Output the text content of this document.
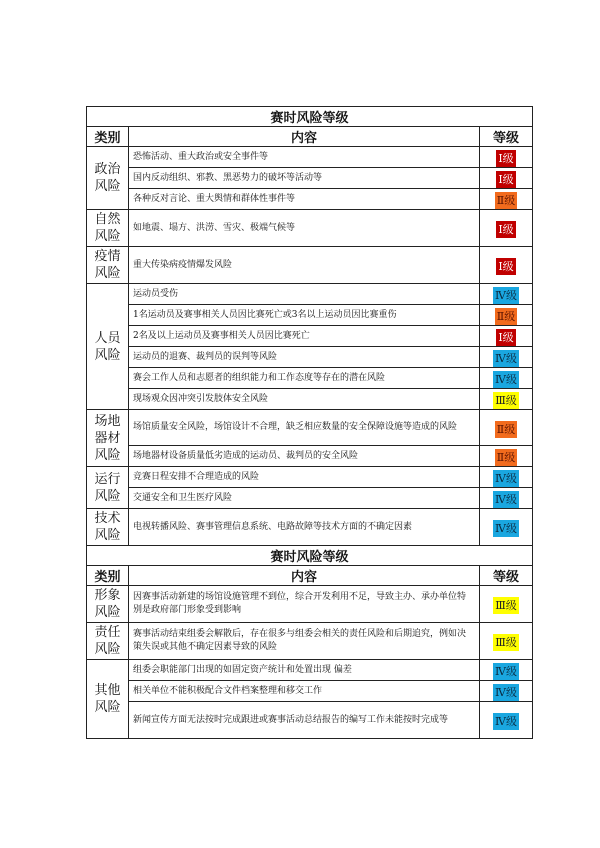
赛时风险等级		
类别	内容	等级
政治风险	恐怖活动、重大政治或安全事件等	Ⅰ级
	国内反动组织、邪教、黑恶势力的破坏等活动等	Ⅰ级
	各种反对言论、重大舆情和群体性事件等	Ⅱ级
自然风险	如地震、塌方、洪涝、雪灾、极端气候等	Ⅰ级
疫情风险	重大传染病疫情爆发风险	Ⅰ级
人员风险	运动员受伤	Ⅳ级
	1名运动员及赛事相关人员因比赛死亡或3名以上运动员因比赛重伤	Ⅱ级
	2名及以上运动员及赛事相关人员因比赛死亡	Ⅰ级
	运动员的退赛、裁判员的误判等风险	Ⅳ级
	赛会工作人员和志愿者的组织能力和工作态度等存在的潜在风险	Ⅳ级
	现场观众因冲突引发肢体安全风险	Ⅲ级
场地器材风险	场馆质量安全风险，场馆设计不合理，缺乏相应数量的安全保障设施等造成的风险	Ⅱ级
	场地器材设备质量低劣造成的运动员、裁判员的安全风险	Ⅱ级
运行风险	竞赛日程安排不合理造成的风险	Ⅳ级
	交通安全和卫生医疗风险	Ⅳ级
技术风险	电视转播风险、赛事管理信息系统、电路故障等技术方面的不确定因素	Ⅳ级
赛时风险等级		
类别	内容	等级
形象风险	因赛事活动新建的场馆设施管理不到位，综合开发利用不足，导致主办、承办单位特别是政府部门形象受到影响	Ⅲ级
责任风险	赛事活动结束组委会解散后，存在很多与组委会相关的责任风险和后期追究，例如决策失误或其他不确定因素导致的风险	Ⅲ级
其他风险	组委会职能部门出现的如固定资产统计和处置出现 偏差	Ⅳ级
	相关单位不能积极配合文件档案整理和移交工作	Ⅳ级
	新闻宣传方面无法按时完成跟进或赛事活动总结报告的编写工作未能按时完成等	Ⅳ级
